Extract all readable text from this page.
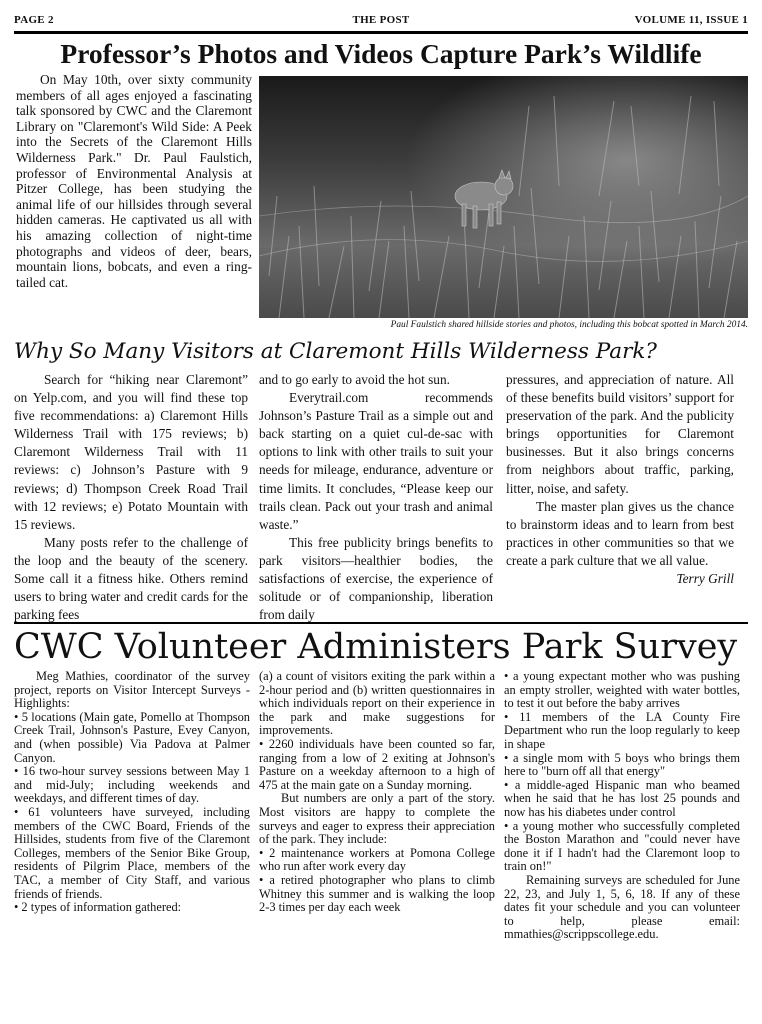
PAGE 2	THE POST	VOLUME 11, ISSUE 1
Professor’s Photos and Videos Capture Park’s Wildlife

On May 10th, over sixty community members of all ages enjoyed a fascinating talk sponsored by CWC and the Claremont Library on "Claremont's Wild Side: A Peek into the Secrets of the Claremont Hills Wilderness Park." Dr. Paul Faulstich, professor of Environmental Analysis at Pitzer College, has been studying the animal life of our hillsides through several hidden cameras. He captivated us all with his amazing collection of night-time photographs and videos of deer, bears, mountain lions, bobcats, and even a ring-tailed cat.

Paul Faulstich shared hillside stories and photos, including this bobcat spotted in March 2014.
Why So Many Visitors at Claremont Hills Wilderness Park?

Search for “hiking near Claremont” on Yelp.com, and you will find these top five recommendations: a) Claremont Hills Wilderness Trail with 175 reviews; b) Claremont Wilderness Trail with 11 reviews: c) Johnson’s Pasture with 9 reviews; d) Thompson Creek Road Trail with 12 reviews; e) Potato Mountain with 15 reviews.

Many posts refer to the challenge of the loop and the beauty of the scenery. Some call it a fitness hike. Others remind users to bring water and credit cards for the parking fees

and to go early to avoid the hot sun.

Everytrail.com recommends Johnson’s Pasture Trail as a simple out and back starting on a quiet cul-de-sac with options to link with other trails to suit your needs for mileage, endurance, adventure or time limits. It concludes, “Please keep our trails clean. Pack out your trash and animal waste.”

This free publicity brings benefits to park visitors—healthier bodies, the satisfactions of exercise, the experience of solitude or of companionship, liberation from daily

pressures, and appreciation of nature. All of these benefits build visitors’ support for preservation of the park. And the publicity brings opportunities for Claremont businesses. But it also brings concerns from neighbors about traffic, parking, litter, noise, and safety.

The master plan gives us the chance to brainstorm ideas and to learn from best practices in other communities so that we create a park culture that we all value.

Terry Grill
CWC Volunteer Administers Park Survey

Meg Mathies, coordinator of the survey project, reports on Visitor Intercept Surveys - Highlights:

• 5 locations (Main gate, Pomello at Thompson Creek Trail, Johnson's Pasture, Evey Canyon, and (when possible) Via Padova at Palmer Canyon.

• 16 two-hour survey sessions between May 1 and mid-July; including weekends and weekdays, and different times of day.

• 61 volunteers have surveyed, including members of the CWC Board, Friends of the Hillsides, students from five of the Claremont Colleges, members of the Senior Bike Group, residents of Pilgrim Place, members of the TAC, a member of City Staff, and various friends of friends.

• 2 types of information gathered:

(a) a count of visitors exiting the park within a 2-hour period and (b) written questionnaires in which individuals report on their experience in the park and make suggestions for improvements.

• 2260 individuals have been counted so far, ranging from a low of 2 exiting at Johnson's Pasture on a weekday afternoon to a high of 475 at the main gate on a Sunday morning.

But numbers are only a part of the story. Most visitors are happy to complete the surveys and eager to express their appreciation of the park. They include:

• 2 maintenance workers at Pomona College who run after work every day

• a retired photographer who plans to climb Whitney this summer and is walking the loop 2-3 times per day each week

• a young expectant mother who was pushing an empty stroller, weighted with water bottles, to test it out before the baby arrives

• 11 members of the LA County Fire Department who run the loop regularly to keep in shape

• a single mom with 5 boys who brings them here to "burn off all that energy"

• a middle-aged Hispanic man who beamed when he said that he has lost 25 pounds and now has his diabetes under control

• a young mother who successfully completed the Boston Marathon and "could never have done it if I hadn't had the Claremont loop to train on!"

Remaining surveys are scheduled for June 22, 23, and July 1, 5, 6, 18. If any of these dates fit your schedule and you can volunteer to help, please email: mmathies@scrippscollege.edu.
